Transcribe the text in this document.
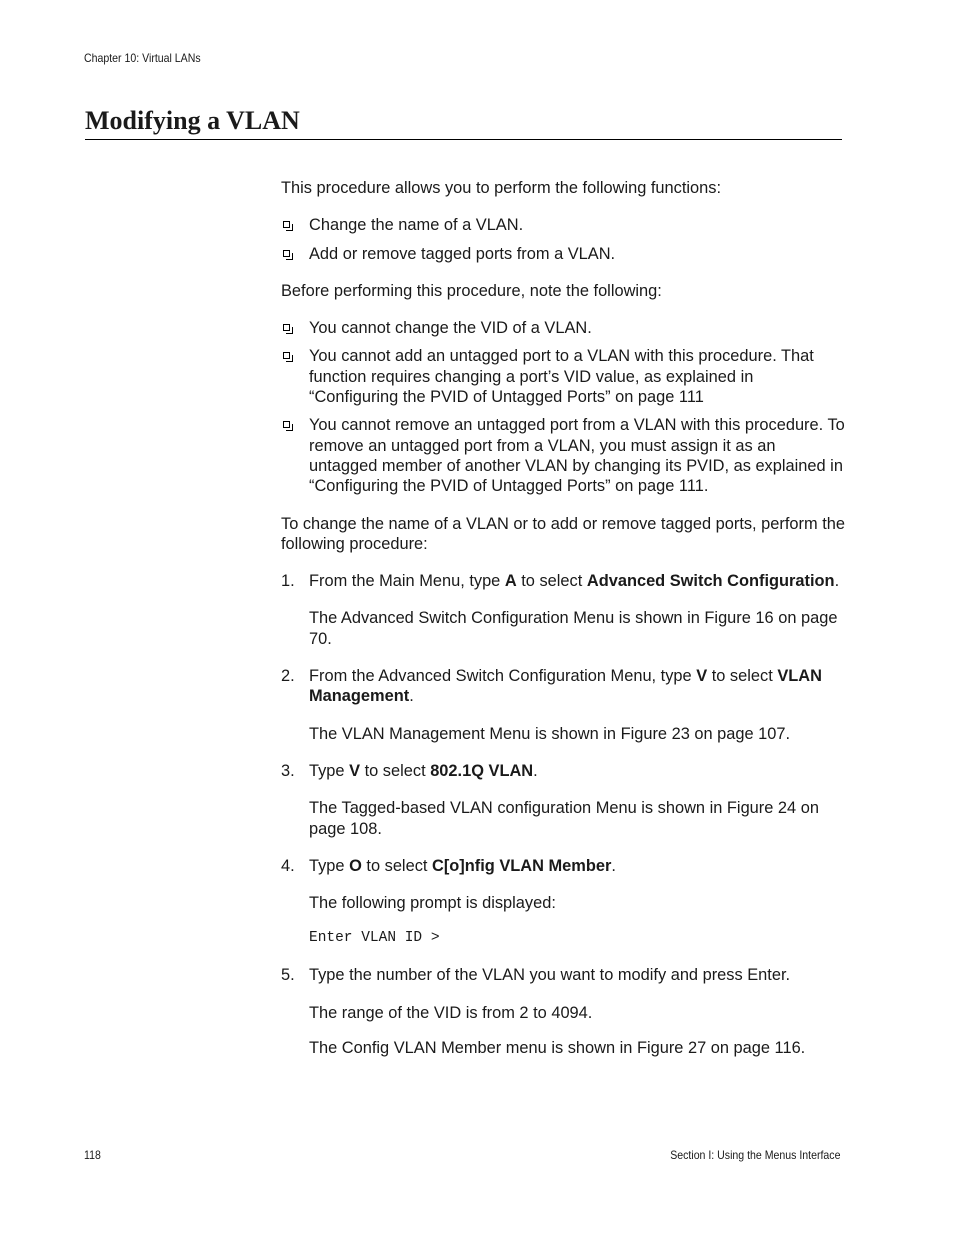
Chapter 10: Virtual LANs
Modifying a VLAN

This procedure allows you to perform the following functions:

Change the name of a VLAN.
Add or remove tagged ports from a VLAN.

Before performing this procedure, note the following:

You cannot change the VID of a VLAN.
You cannot add an untagged port to a VLAN with this procedure. That function requires changing a port’s VID value, as explained in “Configuring the PVID of Untagged Ports” on page 111
You cannot remove an untagged port from a VLAN with this procedure. To remove an untagged port from a VLAN, you must assign it as an untagged member of another VLAN by changing its PVID, as explained in “Configuring the PVID of Untagged Ports” on page 111.

To change the name of a VLAN or to add or remove tagged ports, perform the following procedure:

1. From the Main Menu, type A to select Advanced Switch Configuration.
The Advanced Switch Configuration Menu is shown in Figure 16 on page 70.
2. From the Advanced Switch Configuration Menu, type V to select VLAN Management.
The VLAN Management Menu is shown in Figure 23 on page 107.
3. Type V to select 802.1Q VLAN.
The Tagged-based VLAN configuration Menu is shown in Figure 24 on page 108.
4. Type O to select C[o]nfig VLAN Member.
The following prompt is displayed:
Enter VLAN ID >
5. Type the number of the VLAN you want to modify and press Enter.
The range of the VID is from 2 to 4094.
The Config VLAN Member menu is shown in Figure 27 on page 116.
118	Section I: Using the Menus Interface
